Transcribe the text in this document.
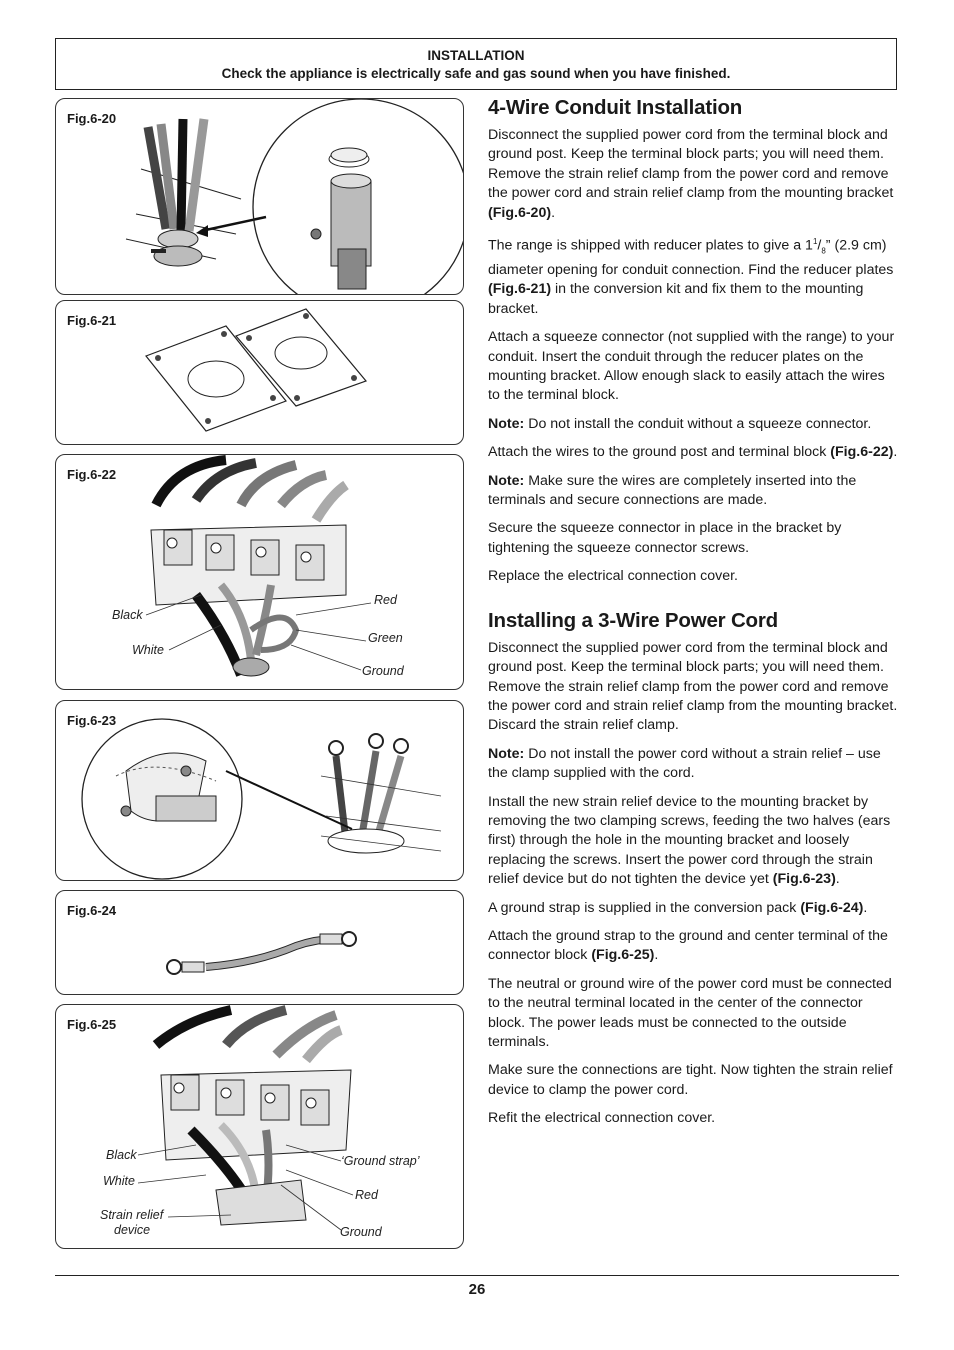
INSTALLATION
Check the appliance is electrically safe and gas sound when you have finished.
Fig.6-20
Fig.6-21
Fig.6-22
Black
White
Red
Green
Ground
Fig.6-23
Fig.6-24
Fig.6-25
Black
White
Strain relief
device
‘Ground strap’
Red
Ground
4-Wire Conduit Installation

Disconnect the supplied power cord from the terminal block and ground post. Keep the terminal block parts; you will need them. Remove the strain relief clamp from the power cord and remove the power cord and strain relief clamp from the mounting bracket (Fig.6-20).

The range is shipped with reducer plates to give a $1^1/_8$” (2.9 cm) diameter opening for conduit connection. Find the reducer plates (Fig.6-21) in the conversion kit and fix them to the mounting bracket.

Attach a squeeze connector (not supplied with the range) to your conduit. Insert the conduit through the reducer plates on the mounting bracket. Allow enough slack to easily attach the wires to the terminal block.

Note: Do not install the conduit without a squeeze connector.

Attach the wires to the ground post and terminal block (Fig.6-22).

Note: Make sure the wires are completely inserted into the terminals and secure connections are made.

Secure the squeeze connector in place in the bracket by tightening the squeeze connector screws.

Replace the electrical connection cover.

Installing a 3-Wire Power Cord

Disconnect the supplied power cord from the terminal block and ground post. Keep the terminal block parts; you will need them. Remove the strain relief clamp from the power cord and remove the power cord and strain relief clamp from the mounting bracket. Discard the strain relief clamp.

Note: Do not install the power cord without a strain relief – use the clamp supplied with the cord.

Install the new strain relief device to the mounting bracket by removing the two clamping screws, feeding the two halves (ears first) through the hole in the mounting bracket and loosely replacing the screws. Insert the power cord through the strain relief device but do not tighten the device yet (Fig.6-23).

A ground strap is supplied in the conversion pack (Fig.6-24).

Attach the ground strap to the ground and center terminal of the connector block (Fig.6-25).

The neutral or ground wire of the power cord must be connected to the neutral terminal located in the center of the connector block. The power leads must be connected to the outside terminals.

Make sure the connections are tight. Now tighten the strain relief device to clamp the power cord.

Refit the electrical connection cover.

26
